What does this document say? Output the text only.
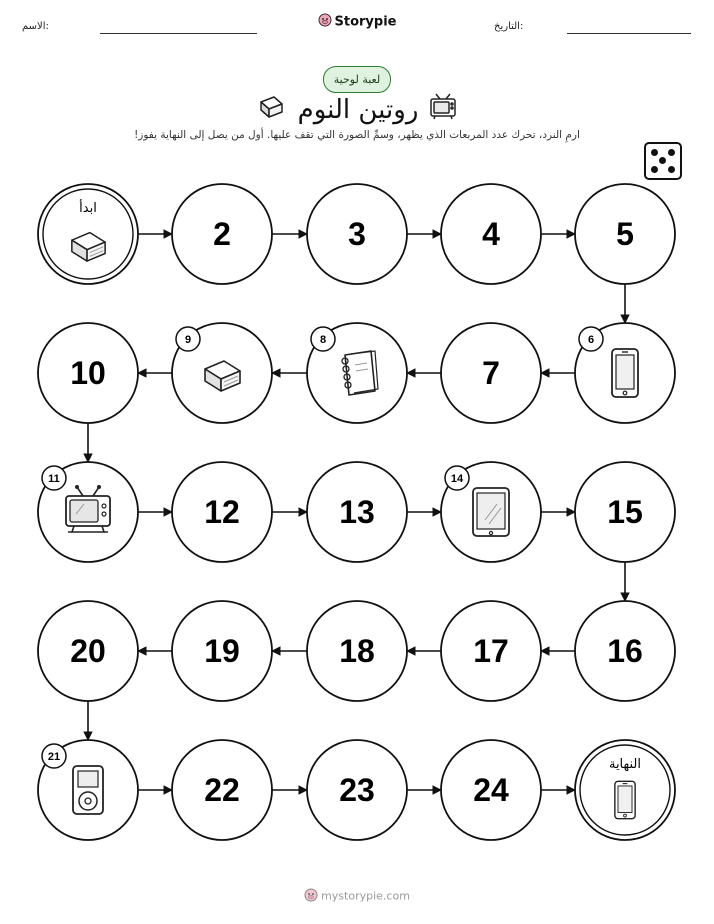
الاسم:	التاريخ:
Storypie
لعبة لوحية
روتين النوم
ارمِ النرد، تحرك عدد المربعات الذي يظهر، وسمِّ الصورة التي تقف عليها. أول من يصل إلى النهاية يفوز!
ابدأ
2	3	4	5
6
7
8
9
10
11
12	13
14
15
16
17
18
19
20
21
22	23	24
النهاية
mystorypie.com
